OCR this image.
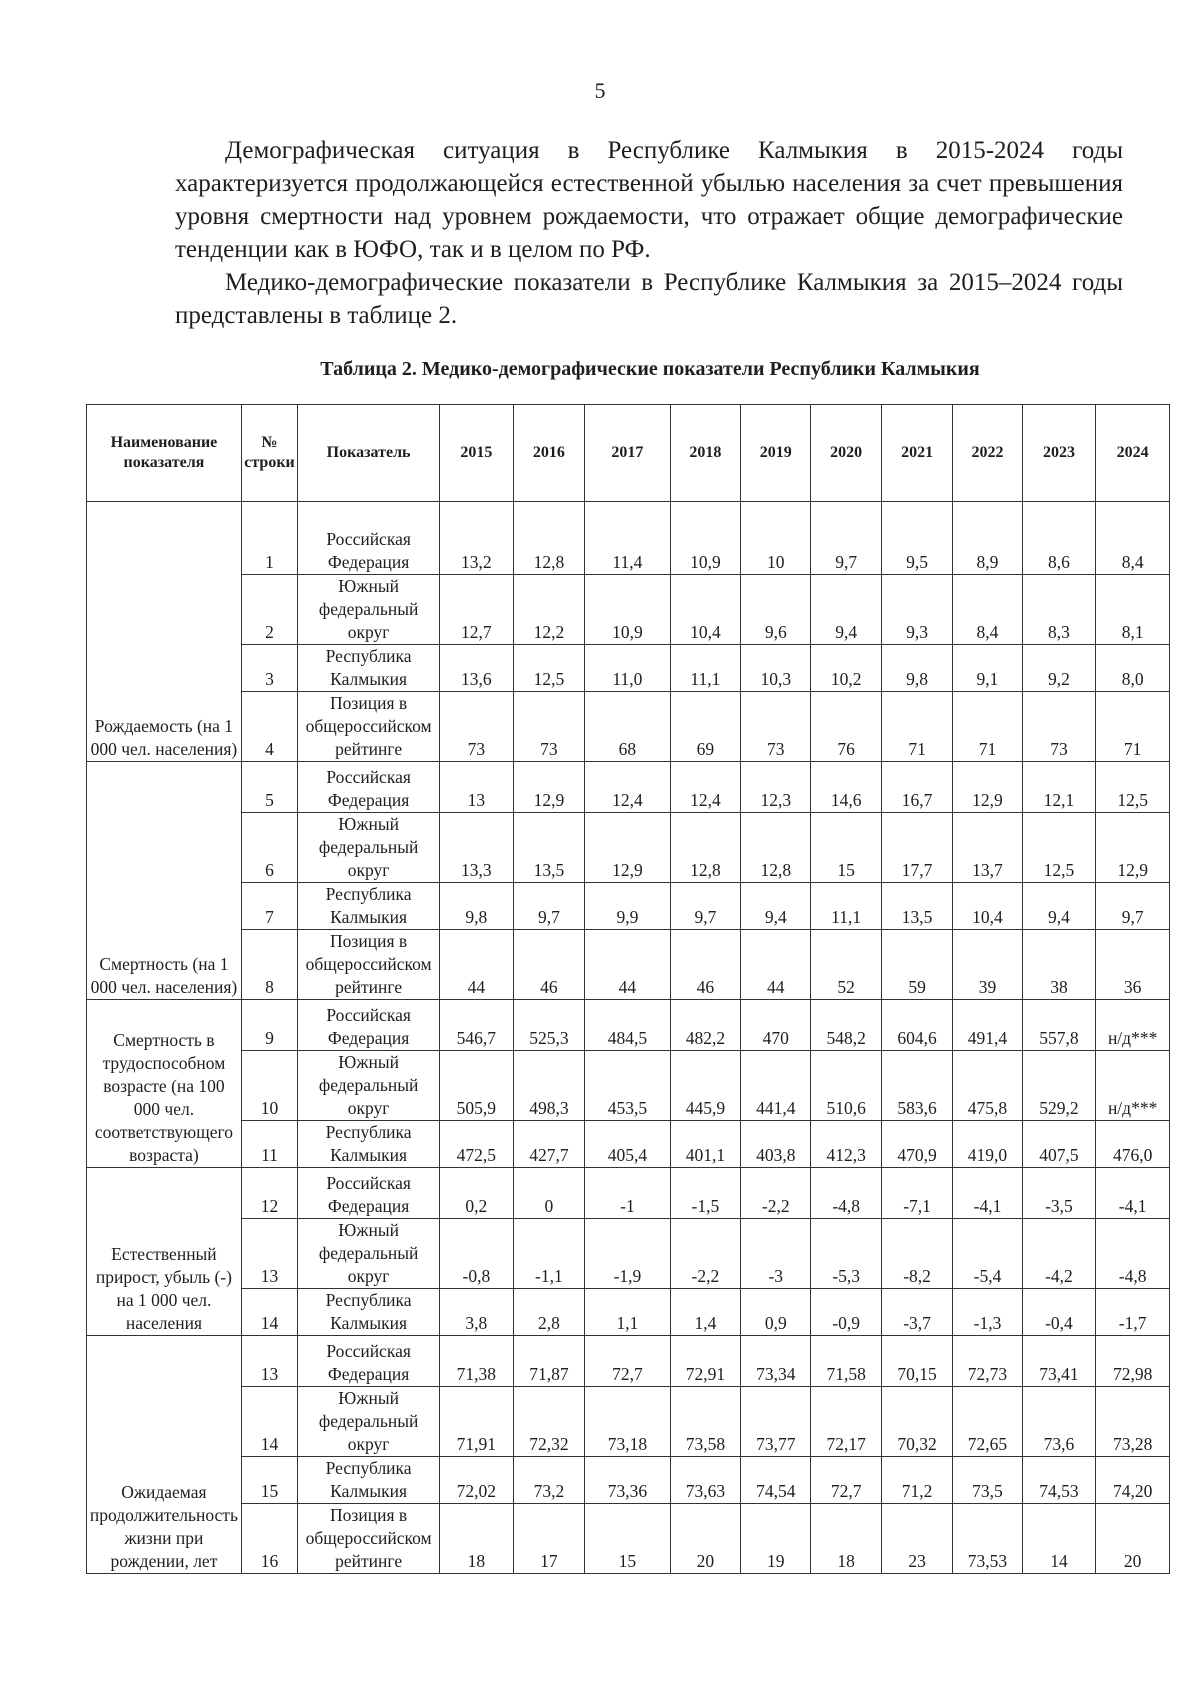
5

Демографическая ситуация в Республике Калмыкия в 2015-2024 годы характеризуется продолжающейся естественной убылью населения за счет превышения уровня смертности над уровнем рождаемости, что отражает общие демографические тенденции как в ЮФО, так и в целом по РФ.

Медико-демографические показатели в Республике Калмыкия за 2015–2024 годы представлены в таблице 2.

Таблица 2. Медико-демографические показатели Республики Калмыкия
Наименование показателя	№ строки	Показатель	2015	2016	2017	2018	2019	2020	2021	2022	2023	2024
Рождаемость (на 1 000 чел. населения)	1	Российская Федерация	13,2	12,8	11,4	10,9	10	9,7	9,5	8,9	8,6	8,4
	2	Южный федеральный округ	12,7	12,2	10,9	10,4	9,6	9,4	9,3	8,4	8,3	8,1
	3	Республика Калмыкия	13,6	12,5	11,0	11,1	10,3	10,2	9,8	9,1	9,2	8,0
	4	Позиция в общероссийском рейтинге	73	73	68	69	73	76	71	71	73	71
Смертность (на 1 000 чел. населения)	5	Российская Федерация	13	12,9	12,4	12,4	12,3	14,6	16,7	12,9	12,1	12,5
	6	Южный федеральный округ	13,3	13,5	12,9	12,8	12,8	15	17,7	13,7	12,5	12,9
	7	Республика Калмыкия	9,8	9,7	9,9	9,7	9,4	11,1	13,5	10,4	9,4	9,7
	8	Позиция в общероссийском рейтинге	44	46	44	46	44	52	59	39	38	36
Смертность в трудоспособном возрасте (на 100 000 чел. соответствующего возраста)	9	Российская Федерация	546,7	525,3	484,5	482,2	470	548,2	604,6	491,4	557,8	н/д***
	10	Южный федеральный округ	505,9	498,3	453,5	445,9	441,4	510,6	583,6	475,8	529,2	н/д***
	11	Республика Калмыкия	472,5	427,7	405,4	401,1	403,8	412,3	470,9	419,0	407,5	476,0
Естественный прирост, убыль (-) на 1 000 чел. населения	12	Российская Федерация	0,2	0	-1	-1,5	-2,2	-4,8	-7,1	-4,1	-3,5	-4,1
	13	Южный федеральный округ	-0,8	-1,1	-1,9	-2,2	-3	-5,3	-8,2	-5,4	-4,2	-4,8
	14	Республика Калмыкия	3,8	2,8	1,1	1,4	0,9	-0,9	-3,7	-1,3	-0,4	-1,7
Ожидаемая продолжительность жизни при рождении, лет	13	Российская Федерация	71,38	71,87	72,7	72,91	73,34	71,58	70,15	72,73	73,41	72,98
	14	Южный федеральный округ	71,91	72,32	73,18	73,58	73,77	72,17	70,32	72,65	73,6	73,28
	15	Республика Калмыкия	72,02	73,2	73,36	73,63	74,54	72,7	71,2	73,5	74,53	74,20
	16	Позиция в общероссийском рейтинге	18	17	15	20	19	18	23	73,53	14	20
